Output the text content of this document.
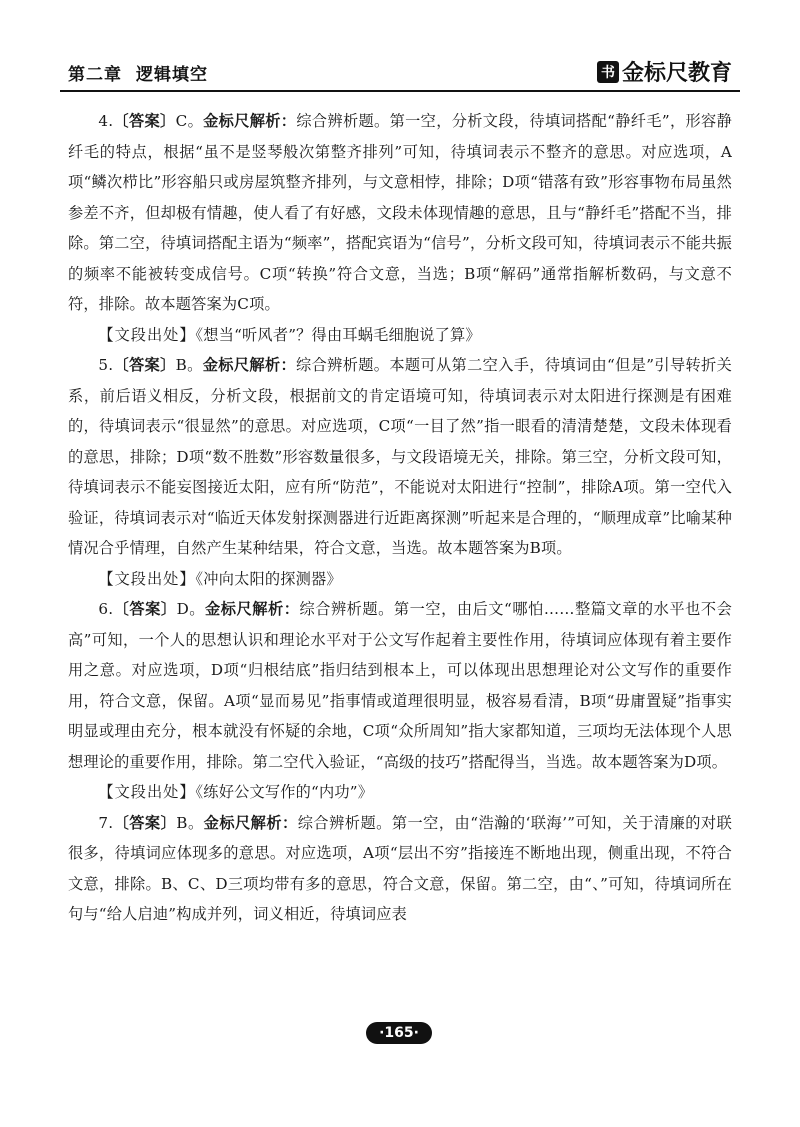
第二章 逻辑填空	书 金标尺教育

4.〔答案〕C。金标尺解析：综合辨析题。第一空，分析文段，待填词搭配“静纤毛”，形容静纤毛的特点，根据“虽不是竖琴般次第整齐排列”可知，待填词表示不整齐的意思。对应选项，A项“鳞次栉比”形容船只或房屋筑整齐排列，与文意相悖，排除；D项“错落有致”形容事物布局虽然参差不齐，但却极有情趣，使人看了有好感，文段未体现情趣的意思，且与“静纤毛”搭配不当，排除。第二空，待填词搭配主语为“频率”，搭配宾语为“信号”，分析文段可知，待填词表示不能共振的频率不能被转变成信号。C项“转换”符合文意，当选；B项“解码”通常指解析数码，与文意不符，排除。故本题答案为C项。

【文段出处】《想当“听风者”？得由耳蜗毛细胞说了算》

5.〔答案〕B。金标尺解析：综合辨析题。本题可从第二空入手，待填词由“但是”引导转折关系，前后语义相反，分析文段，根据前文的肯定语境可知，待填词表示对太阳进行探测是有困难的，待填词表示“很显然”的意思。对应选项，C项“一目了然”指一眼看的清清楚楚，文段未体现看的意思，排除；D项“数不胜数”形容数量很多，与文段语境无关，排除。第三空，分析文段可知，待填词表示不能妄图接近太阳，应有所“防范”，不能说对太阳进行“控制”，排除A项。第一空代入验证，待填词表示对“临近天体发射探测器进行近距离探测”听起来是合理的，“顺理成章”比喻某种情况合乎情理，自然产生某种结果，符合文意，当选。故本题答案为B项。

【文段出处】《冲向太阳的探测器》

6.〔答案〕D。金标尺解析：综合辨析题。第一空，由后文“哪怕……整篇文章的水平也不会高”可知，一个人的思想认识和理论水平对于公文写作起着主要性作用，待填词应体现有着主要作用之意。对应选项，D项“归根结底”指归结到根本上，可以体现出思想理论对公文写作的重要作用，符合文意，保留。A项“显而易见”指事情或道理很明显，极容易看清，B项“毋庸置疑”指事实明显或理由充分，根本就没有怀疑的余地，C项“众所周知”指大家都知道，三项均无法体现个人思想理论的重要作用，排除。第二空代入验证，“高级的技巧”搭配得当，当选。故本题答案为D项。

【文段出处】《练好公文写作的“内功”》

7.〔答案〕B。金标尺解析：综合辨析题。第一空，由“浩瀚的‘联海’”可知，关于清廉的对联很多，待填词应体现多的意思。对应选项，A项“层出不穷”指接连不断地出现，侧重出现，不符合文意，排除。B、C、D三项均带有多的意思，符合文意，保留。第二空，由“、”可知，待填词所在句与“给人启迪”构成并列，词义相近，待填词应表

·165·
